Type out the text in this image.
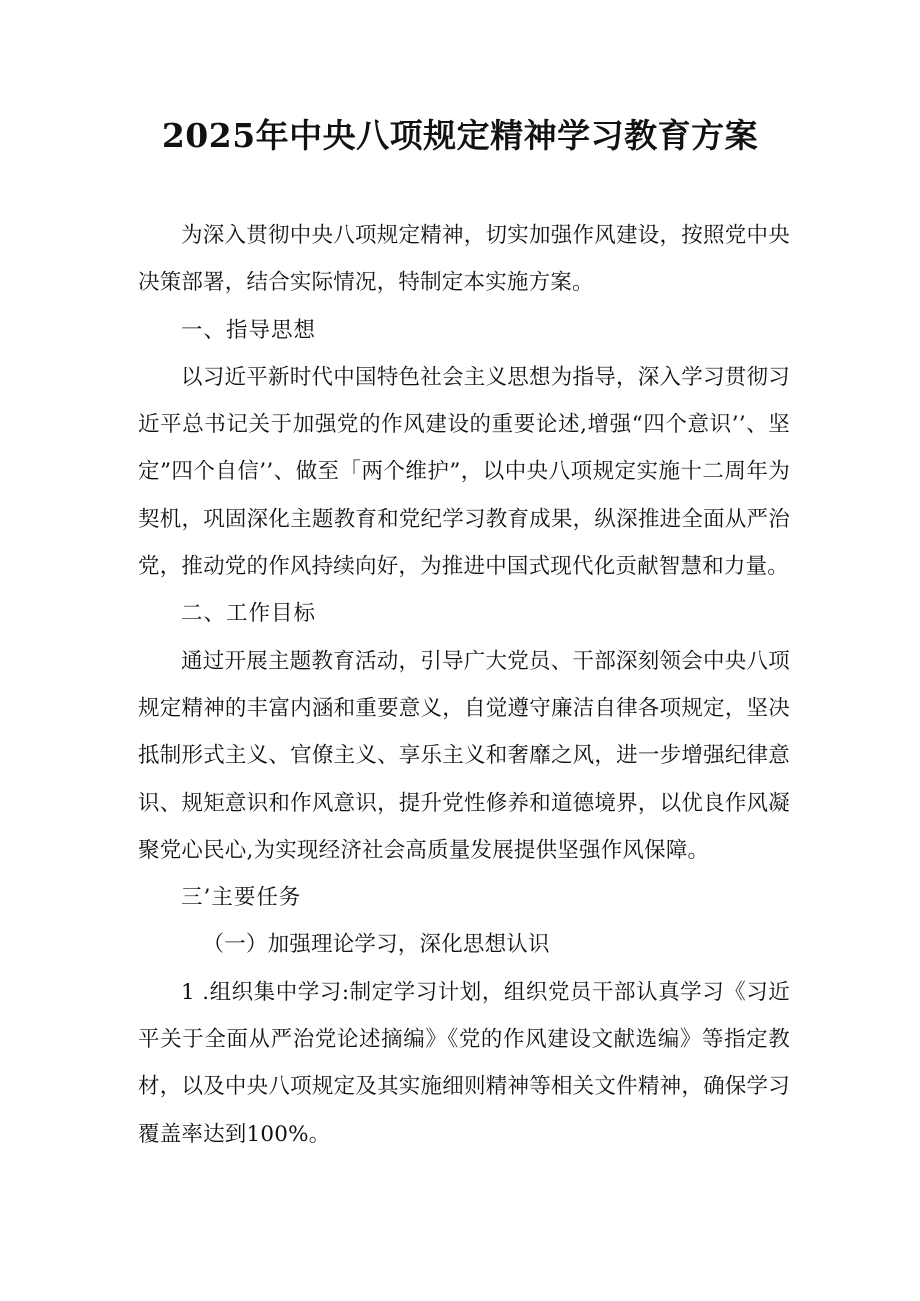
2025年中央八项规定精神学习教育方案

为深入贯彻中央八项规定精神，切实加强作风建设，按照党中央决策部署，结合实际情况，特制定本实施方案。

一、指导思想

以习近平新时代中国特色社会主义思想为指导，深入学习贯彻习近平总书记关于加强党的作风建设的重要论述,增强“四个意识’’、坚定”四个自信’’、做至「两个维护”，以中央八项规定实施十二周年为契机，巩固深化主题教育和党纪学习教育成果，纵深推进全面从严治党，推动党的作风持续向好，为推进中国式现代化贡献智慧和力量。

二、工作目标

通过开展主题教育活动，引导广大党员、干部深刻领会中央八项规定精神的丰富内涵和重要意义，自觉遵守廉洁自律各项规定，坚决抵制形式主义、官僚主义、享乐主义和奢靡之风，进一步增强纪律意识、规矩意识和作风意识，提升党性修养和道德境界，以优良作风凝聚党心民心,为实现经济社会高质量发展提供坚强作风保障。

三’主要任务

（一）加强理论学习，深化思想认识

1 .组织集中学习:制定学习计划，组织党员干部认真学习《习近平关于全面从严治党论述摘编》《党的作风建设文献选编》等指定教材，以及中央八项规定及其实施细则精神等相关文件精神，确保学习覆盖率达到100%。
